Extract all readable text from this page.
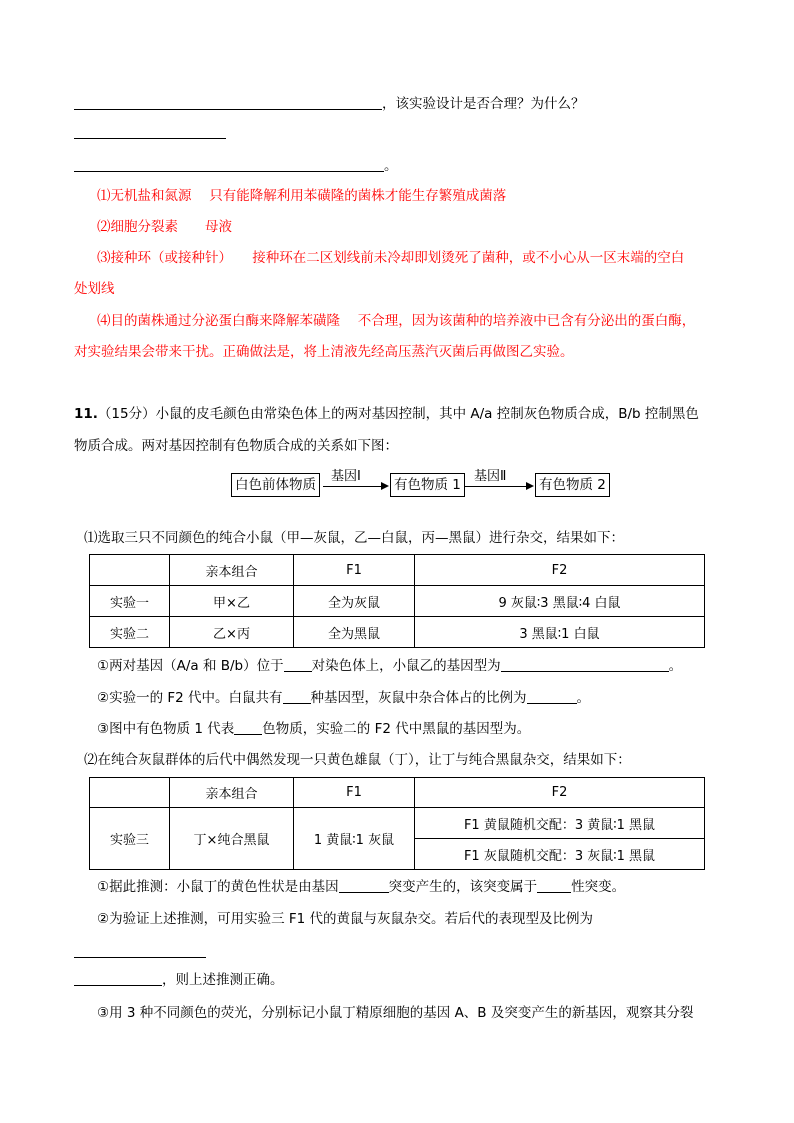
，该实验设计是否合理？为什么？
。
⑴无机盐和氮源　 只有能降解利用苯磺隆的菌株才能生存繁殖成菌落
⑵细胞分裂素　　母液
⑶接种环（或接种针）　　接种环在二区划线前未冷却即划烫死了菌种，或不小心从一区末端的空白
处划线
⑷目的菌株通过分泌蛋白酶来降解苯磺隆　 不合理，因为该菌种的培养液中已含有分泌出的蛋白酶，
对实验结果会带来干扰。正确做法是，将上清液先经高压蒸汽灭菌后再做图乙实验。
11.（15分）小鼠的皮毛颜色由常染色体上的两对基因控制，其中 A/a 控制灰色物质合成，B/b 控制黑色
物质合成。两对基因控制有色物质合成的关系如下图：
白色前体物质
基因Ⅰ
有色物质 1
基因Ⅱ
有色物质 2
⑴选取三只不同颜色的纯合小鼠（甲—灰鼠，乙—白鼠，丙—黑鼠）进行杂交，结果如下：
	亲本组合	F1	F2
实验一	甲×乙	全为灰鼠	9 灰鼠∶3 黑鼠∶4 白鼠
实验二	乙×丙	全为黑鼠	3 黑鼠∶1 白鼠
①两对基因（A/a 和 B/b）位于 对染色体上，小鼠乙的基因型为	。
②实验一的 F2 代中。白鼠共有 种基因型，灰鼠中杂合体占的比例为	。
③图中有色物质 1 代表 色物质，实验二的 F2 代中黑鼠的基因型为。
⑵在纯合灰鼠群体的后代中偶然发现一只黄色雄鼠（丁），让丁与纯合黑鼠杂交，结果如下：
	亲本组合	F1	F2
实验三	丁×纯合黑鼠	1 黄鼠∶1 灰鼠	F1 黄鼠随机交配：3 黄鼠∶1 黑鼠
			F1 灰鼠随机交配：3 灰鼠∶1 黑鼠
①据此推测：小鼠丁的黄色性状是由基因	突变产生的，该突变属于	性突变。
②为验证上述推测，可用实验三 F1 代的黄鼠与灰鼠杂交。若后代的表现型及比例为
，则上述推测正确。
③用 3 种不同颜色的荧光，分别标记小鼠丁精原细胞的基因 A、B 及突变产生的新基因，观察其分裂
